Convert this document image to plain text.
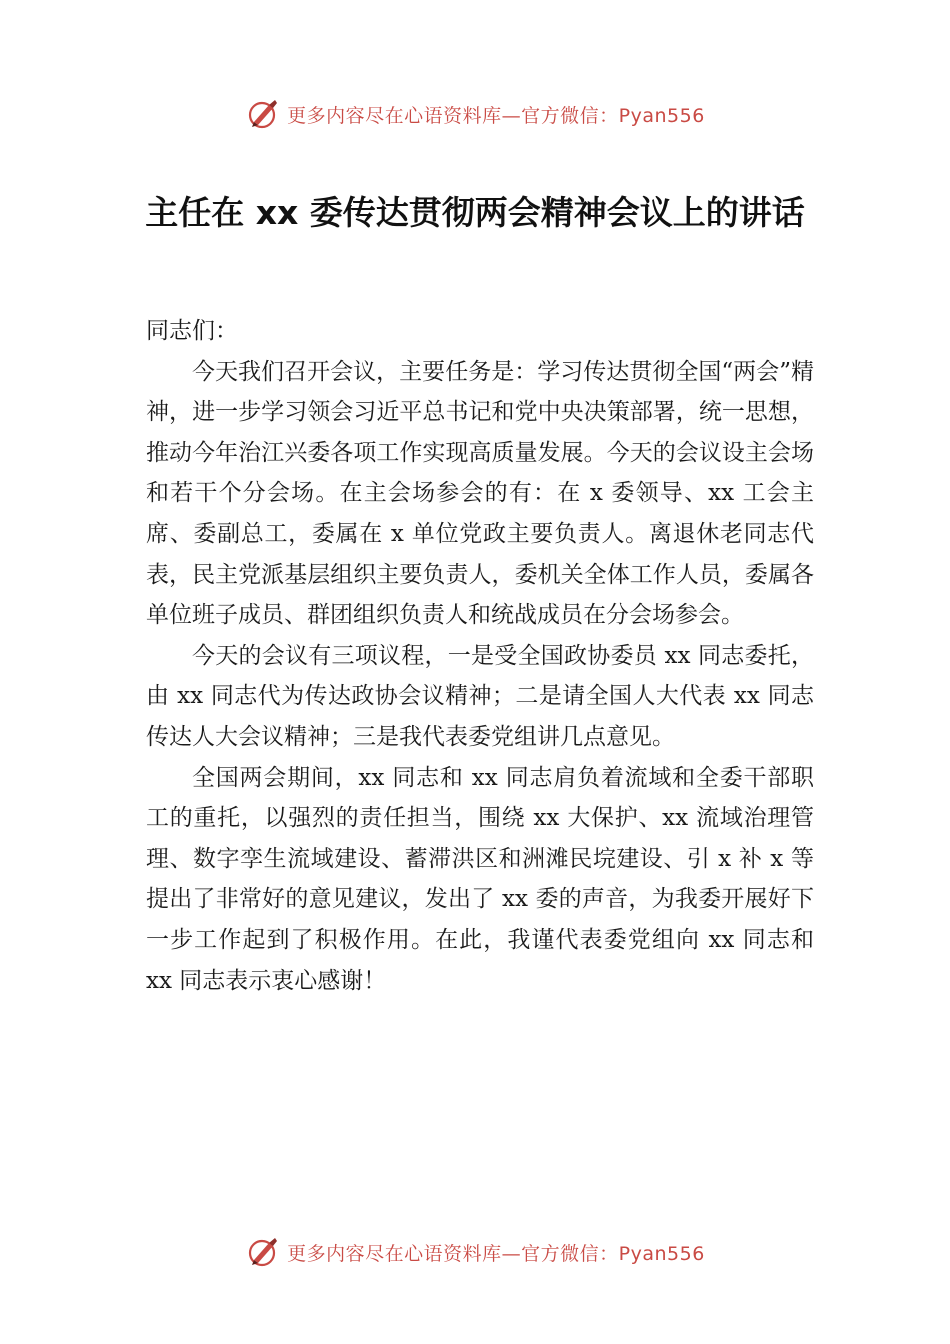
更多内容尽在心语资料库—官方微信：Pyan556
主任在 xx 委传达贯彻两会精神会议上的讲话

同志们：

今天我们召开会议，主要任务是：学习传达贯彻全国“两会”精神，进一步学习领会习近平总书记和党中央决策部署，统一思想，推动今年治江兴委各项工作实现高质量发展。今天的会议设主会场和若干个分会场。在主会场参会的有：在 x 委领导、xx 工会主席、委副总工，委属在 x 单位党政主要负责人。离退休老同志代表，民主党派基层组织主要负责人，委机关全体工作人员，委属各单位班子成员、群团组织负责人和统战成员在分会场参会。

今天的会议有三项议程，一是受全国政协委员 xx 同志委托，由 xx 同志代为传达政协会议精神；二是请全国人大代表 xx 同志传达人大会议精神；三是我代表委党组讲几点意见。

全国两会期间，xx 同志和 xx 同志肩负着流域和全委干部职工的重托，以强烈的责任担当，围绕 xx 大保护、xx 流域治理管理、数字孪生流域建设、蓄滞洪区和洲滩民垸建设、引 x 补 x 等提出了非常好的意见建议，发出了 xx 委的声音，为我委开展好下一步工作起到了积极作用。在此，我谨代表委党组向 xx 同志和 xx 同志表示衷心感谢！

更多内容尽在心语资料库—官方微信：Pyan556
